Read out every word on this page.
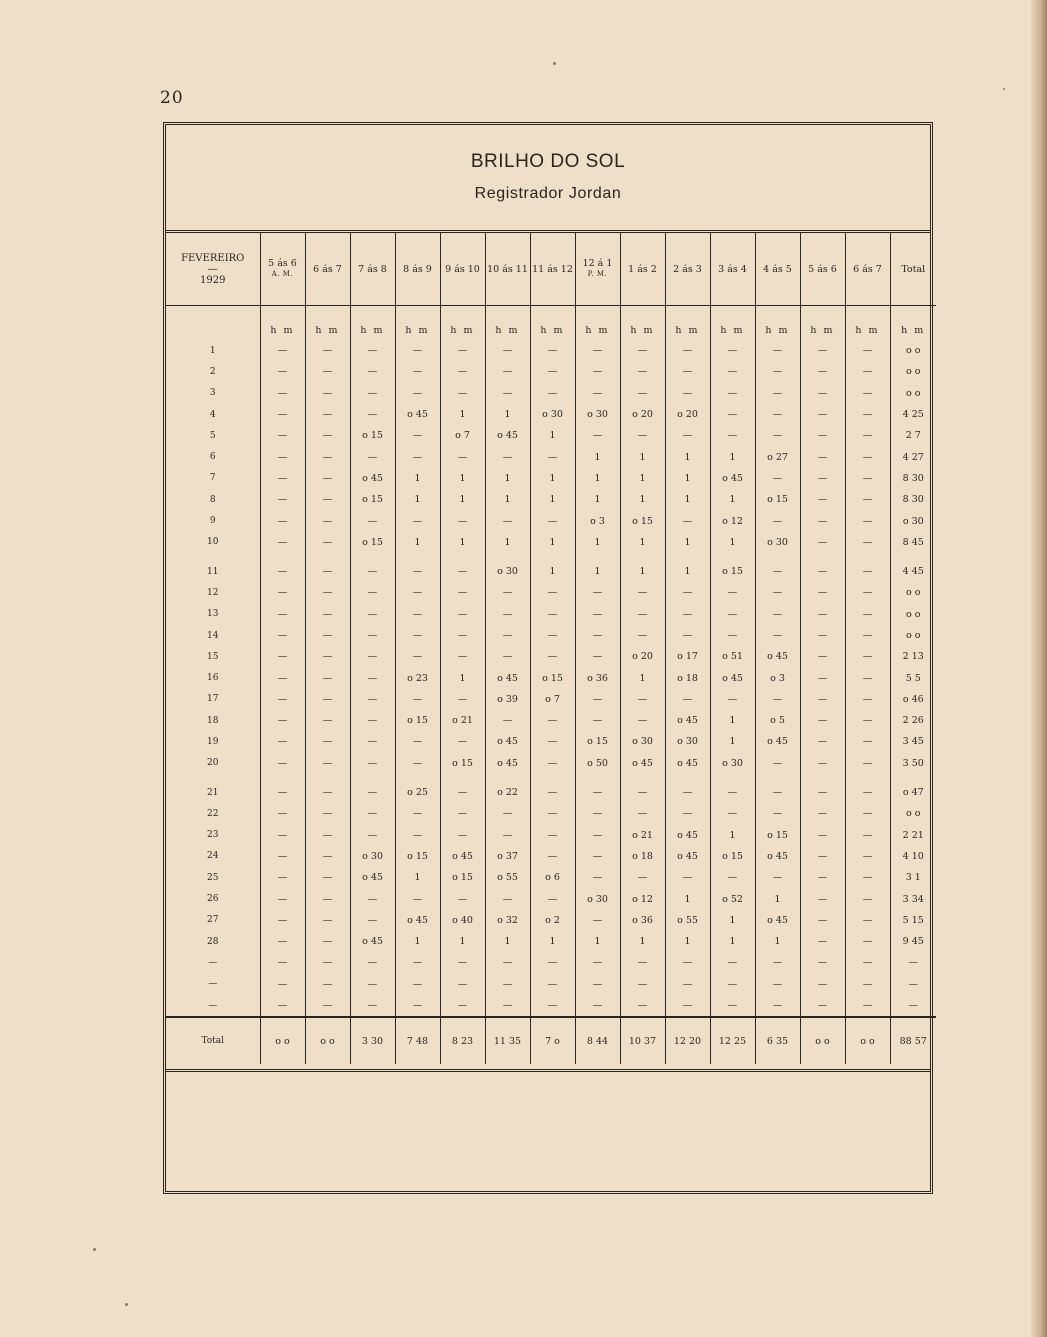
20
BRILHO DO SOL
Registrador Jordan
FEVEREIRO
—
1929	5 ás 6
A. M.	6 ás 7	7 ás 8	8 ás 9	9 ás 10	10 ás 11	11 ás 12	12 á 1
P. M.	1 ás 2	2 ás 3	3 ás 4	4 ás 5	5 ás 6	6 ás 7	Total
	h m	h m	h m	h m	h m	h m	h m	h m	h m	h m	h m	h m	h m	h m	h m
1	—	—	—	—	—	—	—	—	—	—	—	—	—	—	o o
2	—	—	—	—	—	—	—	—	—	—	—	—	—	—	o o
3	—	—	—	—	—	—	—	—	—	—	—	—	—	—	o o
4	—	—	—	o 45	1	1	o 30	o 30	o 20	o 20	—	—	—	—	4 25
5	—	—	o 15	—	o 7	o 45	1	—	—	—	—	—	—	—	2 7
6	—	—	—	—	—	—	—	1	1	1	1	o 27	—	—	4 27
7	—	—	o 45	1	1	1	1	1	1	1	o 45	—	—	—	8 30
8	—	—	o 15	1	1	1	1	1	1	1	1	o 15	—	—	8 30
9	—	—	—	—	—	—	—	o 3	o 15	—	o 12	—	—	—	o 30
10	—	—	o 15	1	1	1	1	1	1	1	1	o 30	—	—	8 45

11	—	—	—	—	—	o 30	1	1	1	1	o 15	—	—	—	4 45
12	—	—	—	—	—	—	—	—	—	—	—	—	—	—	o o
13	—	—	—	—	—	—	—	—	—	—	—	—	—	—	o o
14	—	—	—	—	—	—	—	—	—	—	—	—	—	—	o o
15	—	—	—	—	—	—	—	—	o 20	o 17	o 51	o 45	—	—	2 13
16	—	—	—	o 23	1	o 45	o 15	o 36	1	o 18	o 45	o 3	—	—	5 5
17	—	—	—	—	—	o 39	o 7	—	—	—	—	—	—	—	o 46
18	—	—	—	o 15	o 21	—	—	—	—	o 45	1	o 5	—	—	2 26
19	—	—	—	—	—	o 45	—	o 15	o 30	o 30	1	o 45	—	—	3 45
20	—	—	—	—	o 15	o 45	—	o 50	o 45	o 45	o 30	—	—	—	3 50

21	—	—	—	o 25	—	o 22	—	—	—	—	—	—	—	—	o 47
22	—	—	—	—	—	—	—	—	—	—	—	—	—	—	o o
23	—	—	—	—	—	—	—	—	o 21	o 45	1	o 15	—	—	2 21
24	—	—	o 30	o 15	o 45	o 37	—	—	o 18	o 45	o 15	o 45	—	—	4 10
25	—	—	o 45	1	o 15	o 55	o 6	—	—	—	—	—	—	—	3 1
26	—	—	—	—	—	—	—	o 30	o 12	1	o 52	1	—	—	3 34
27	—	—	—	o 45	o 40	o 32	o 2	—	o 36	o 55	1	o 45	—	—	5 15
28	—	—	o 45	1	1	1	1	1	1	1	1	1	—	—	9 45
—	—	—	—	—	—	—	—	—	—	—	—	—	—	—	—
—	—	—	—	—	—	—	—	—	—	—	—	—	—	—	—
—	—	—	—	—	—	—	—	—	—	—	—	—	—	—	—
Total	o o	o o	3 30	7 48	8 23	11 35	7 o	8 44	10 37	12 20	12 25	6 35	o o	o o	88 57
